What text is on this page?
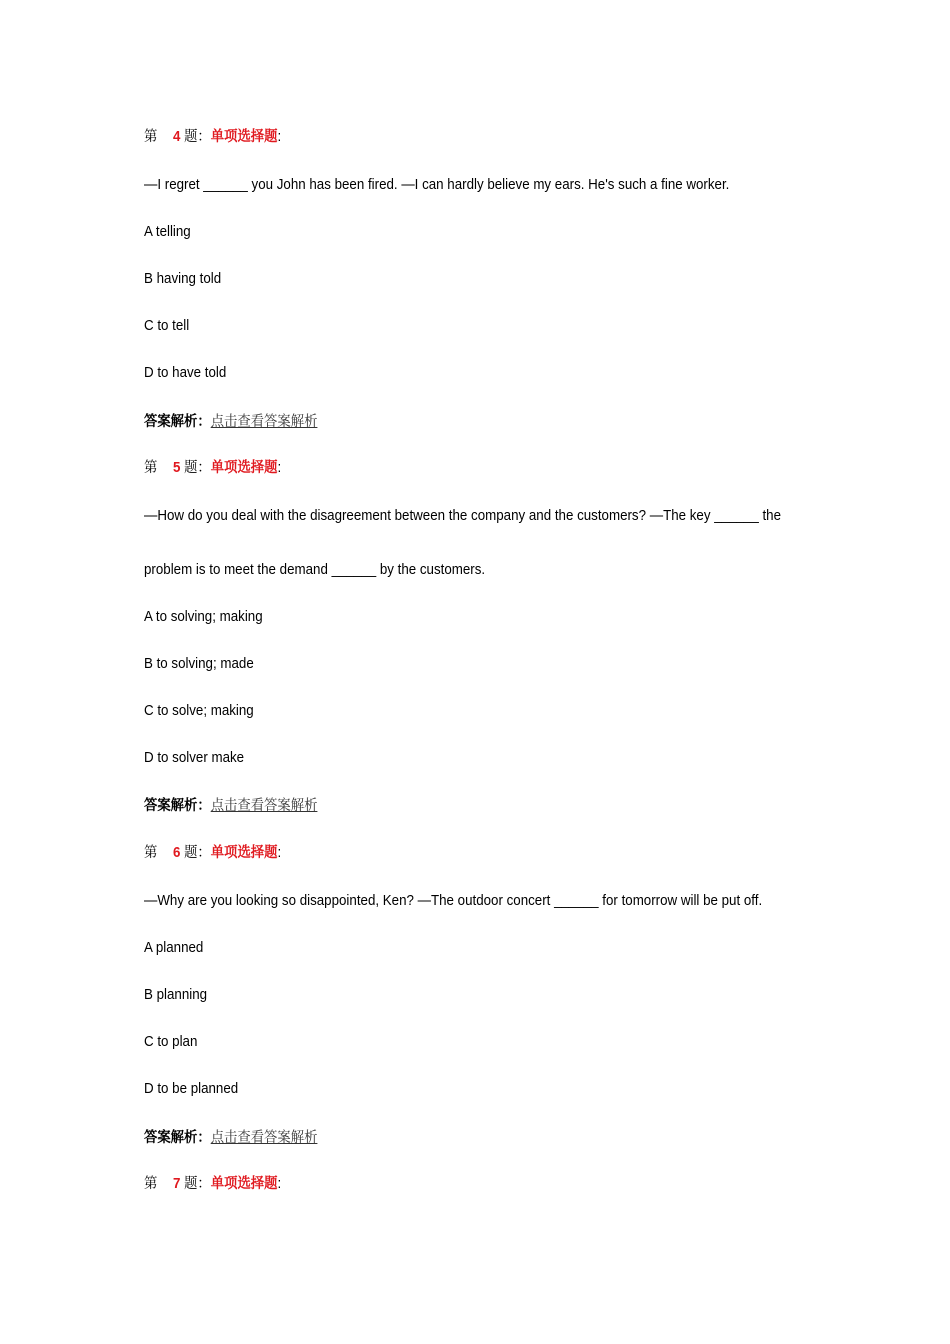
第 4 题：单项选择题:
—I regret ______ you John has been fired. —I can hardly believe my ears. He's such a fine worker.
A telling
B having told
C to tell
D to have told
答案解析：点击查看答案解析
第 5 题：单项选择题:
—How do you deal with the disagreement between the company and the customers? —The key ______ the
problem is to meet the demand ______ by the customers.
A to solving; making
B to solving; made
C to solve; making
D to solver make
答案解析：点击查看答案解析
第 6 题：单项选择题:
—Why are you looking so disappointed, Ken? —The outdoor concert ______ for tomorrow will be put off.
A planned
B planning
C to plan
D to be planned
答案解析：点击查看答案解析
第 7 题：单项选择题:
